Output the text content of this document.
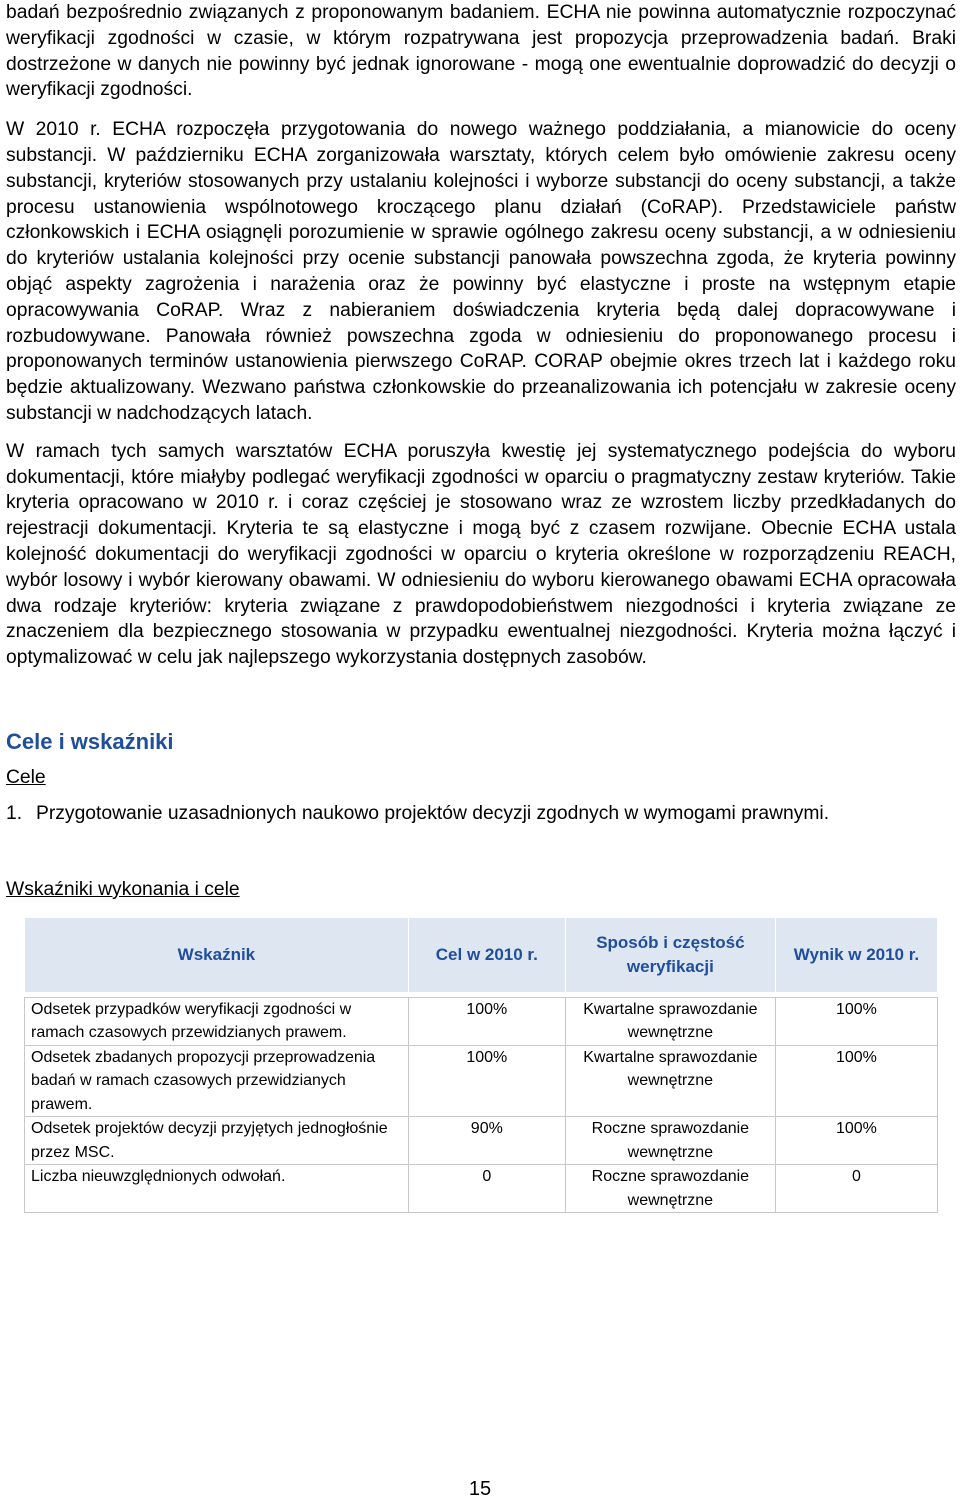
badań bezpośrednio związanych z proponowanym badaniem. ECHA nie powinna automatycznie rozpoczynać weryfikacji zgodności w czasie, w którym rozpatrywana jest propozycja przeprowadzenia badań. Braki dostrzeżone w danych nie powinny być jednak ignorowane - mogą one ewentualnie doprowadzić do decyzji o weryfikacji zgodności.

W 2010 r. ECHA rozpoczęła przygotowania do nowego ważnego poddziałania, a mianowicie do oceny substancji. W październiku ECHA zorganizowała warsztaty, których celem było omówienie zakresu oceny substancji, kryteriów stosowanych przy ustalaniu kolejności i wyborze substancji do oceny substancji, a także procesu ustanowienia wspólnotowego kroczącego planu działań (CoRAP). Przedstawiciele państw członkowskich i ECHA osiągnęli porozumienie w sprawie ogólnego zakresu oceny substancji, a w odniesieniu do kryteriów ustalania kolejności przy ocenie substancji panowała powszechna zgoda, że kryteria powinny objąć aspekty zagrożenia i narażenia oraz że powinny być elastyczne i proste na wstępnym etapie opracowywania CoRAP. Wraz z nabieraniem doświadczenia kryteria będą dalej dopracowywane i rozbudowywane. Panowała również powszechna zgoda w odniesieniu do proponowanego procesu i proponowanych terminów ustanowienia pierwszego CoRAP. CORAP obejmie okres trzech lat i każdego roku będzie aktualizowany. Wezwano państwa członkowskie do przeanalizowania ich potencjału w zakresie oceny substancji w nadchodzących latach.

W ramach tych samych warsztatów ECHA poruszyła kwestię jej systematycznego podejścia do wyboru dokumentacji, które miałyby podlegać weryfikacji zgodności w oparciu o pragmatyczny zestaw kryteriów. Takie kryteria opracowano w 2010 r. i coraz częściej je stosowano wraz ze wzrostem liczby przedkładanych do rejestracji dokumentacji. Kryteria te są elastyczne i mogą być z czasem rozwijane. Obecnie ECHA ustala kolejność dokumentacji do weryfikacji zgodności w oparciu o kryteria określone w rozporządzeniu REACH, wybór losowy i wybór kierowany obawami. W odniesieniu do wyboru kierowanego obawami ECHA opracowała dwa rodzaje kryteriów: kryteria związane z prawdopodobieństwem niezgodności i kryteria związane ze znaczeniem dla bezpiecznego stosowania w przypadku ewentualnej niezgodności. Kryteria można łączyć i optymalizować w celu jak najlepszego wykorzystania dostępnych zasobów.

Cele i wskaźniki
Cele
1. Przygotowanie uzasadnionych naukowo projektów decyzji zgodnych w wymogami prawnymi.
Wskaźniki wykonania i cele
Wskaźnik	Cel w 2010 r.	Sposób i częstość weryfikacji	Wynik w 2010 r.

Odsetek przypadków weryfikacji zgodności w ramach czasowych przewidzianych prawem.	100%	Kwartalne sprawozdanie wewnętrzne	100%
Odsetek zbadanych propozycji przeprowadzenia badań w ramach czasowych przewidzianych prawem.	100%	Kwartalne sprawozdanie wewnętrzne	100%
Odsetek projektów decyzji przyjętych jednogłośnie przez MSC.	90%	Roczne sprawozdanie wewnętrzne	100%
Liczba nieuwzględnionych odwołań.	0	Roczne sprawozdanie wewnętrzne	0
15
